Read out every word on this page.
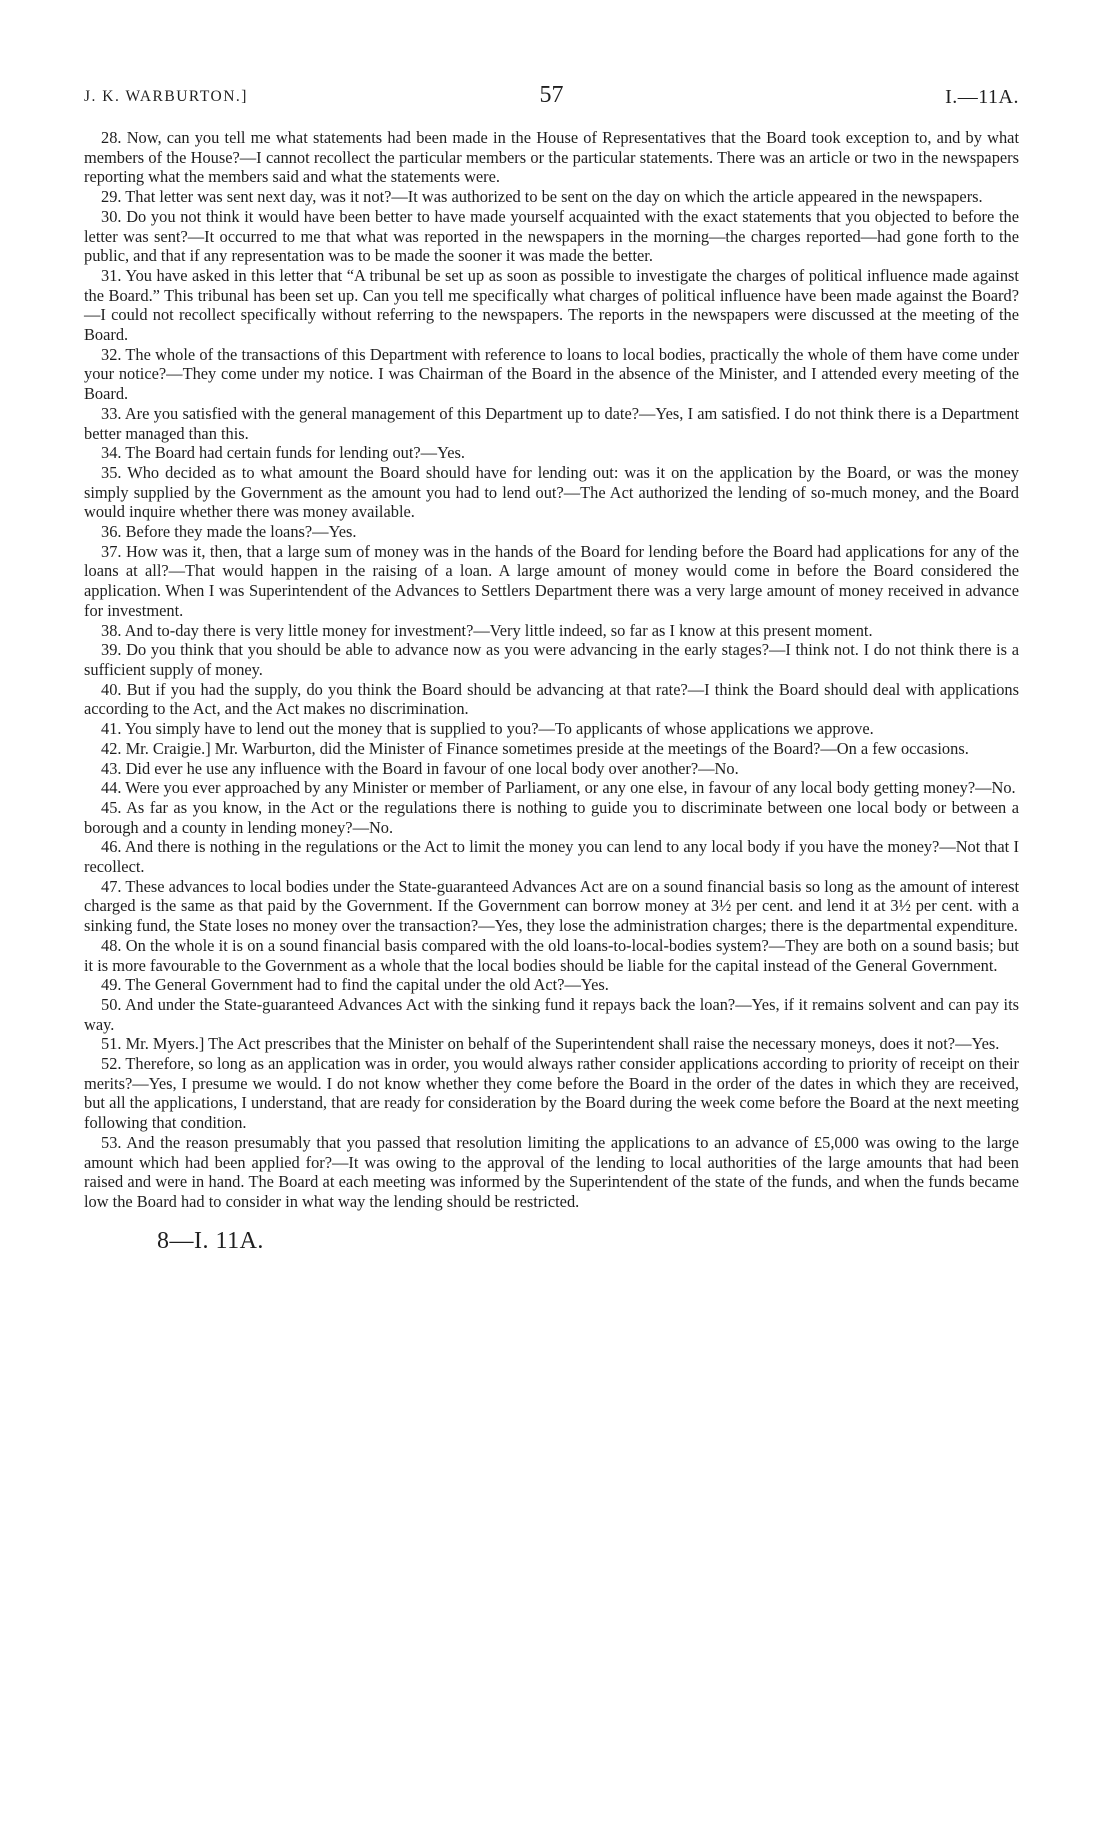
J. K. WARBURTON.]	57	I.—11A.

28. Now, can you tell me what statements had been made in the House of Representatives that the Board took exception to, and by what members of the House?—I cannot recollect the particular members or the particular statements. There was an article or two in the newspapers reporting what the members said and what the statements were.

29. That letter was sent next day, was it not?—It was authorized to be sent on the day on which the article appeared in the newspapers.

30. Do you not think it would have been better to have made yourself acquainted with the exact statements that you objected to before the letter was sent?—It occurred to me that what was reported in the newspapers in the morning—the charges reported—had gone forth to the public, and that if any representation was to be made the sooner it was made the better.

31. You have asked in this letter that “A tribunal be set up as soon as possible to investigate the charges of political influence made against the Board.” This tribunal has been set up. Can you tell me specifically what charges of political influence have been made against the Board?—I could not recollect specifically without referring to the newspapers. The reports in the newspapers were discussed at the meeting of the Board.

32. The whole of the transactions of this Department with reference to loans to local bodies, practically the whole of them have come under your notice?—They come under my notice. I was Chairman of the Board in the absence of the Minister, and I attended every meeting of the Board.

33. Are you satisfied with the general management of this Department up to date?—Yes, I am satisfied. I do not think there is a Department better managed than this.

34. The Board had certain funds for lending out?—Yes.

35. Who decided as to what amount the Board should have for lending out: was it on the application by the Board, or was the money simply supplied by the Government as the amount you had to lend out?—The Act authorized the lending of so-much money, and the Board would inquire whether there was money available.

36. Before they made the loans?—Yes.

37. How was it, then, that a large sum of money was in the hands of the Board for lending before the Board had applications for any of the loans at all?—That would happen in the raising of a loan. A large amount of money would come in before the Board considered the application. When I was Superintendent of the Advances to Settlers Department there was a very large amount of money received in advance for investment.

38. And to-day there is very little money for investment?—Very little indeed, so far as I know at this present moment.

39. Do you think that you should be able to advance now as you were advancing in the early stages?—I think not. I do not think there is a sufficient supply of money.

40. But if you had the supply, do you think the Board should be advancing at that rate?—I think the Board should deal with applications according to the Act, and the Act makes no discrimination.

41. You simply have to lend out the money that is supplied to you?—To applicants of whose applications we approve.

42. Mr. Craigie.] Mr. Warburton, did the Minister of Finance sometimes preside at the meetings of the Board?—On a few occasions.

43. Did ever he use any influence with the Board in favour of one local body over another?—No.

44. Were you ever approached by any Minister or member of Parliament, or any one else, in favour of any local body getting money?—No.

45. As far as you know, in the Act or the regulations there is nothing to guide you to discriminate between one local body or between a borough and a county in lending money?—No.

46. And there is nothing in the regulations or the Act to limit the money you can lend to any local body if you have the money?—Not that I recollect.

47. These advances to local bodies under the State-guaranteed Advances Act are on a sound financial basis so long as the amount of interest charged is the same as that paid by the Government. If the Government can borrow money at 3½ per cent. and lend it at 3½ per cent. with a sinking fund, the State loses no money over the transaction?—Yes, they lose the administration charges; there is the departmental expenditure.

48. On the whole it is on a sound financial basis compared with the old loans-to-local-bodies system?—They are both on a sound basis; but it is more favourable to the Government as a whole that the local bodies should be liable for the capital instead of the General Government.

49. The General Government had to find the capital under the old Act?—Yes.

50. And under the State-guaranteed Advances Act with the sinking fund it repays back the loan?—Yes, if it remains solvent and can pay its way.

51. Mr. Myers.] The Act prescribes that the Minister on behalf of the Superintendent shall raise the necessary moneys, does it not?—Yes.

52. Therefore, so long as an application was in order, you would always rather consider applications according to priority of receipt on their merits?—Yes, I presume we would. I do not know whether they come before the Board in the order of the dates in which they are received, but all the applications, I understand, that are ready for consideration by the Board during the week come before the Board at the next meeting following that condition.

53. And the reason presumably that you passed that resolution limiting the applications to an advance of £5,000 was owing to the large amount which had been applied for?—It was owing to the approval of the lending to local authorities of the large amounts that had been raised and were in hand. The Board at each meeting was informed by the Superintendent of the state of the funds, and when the funds became low the Board had to consider in what way the lending should be restricted.

8—I. 11A.
